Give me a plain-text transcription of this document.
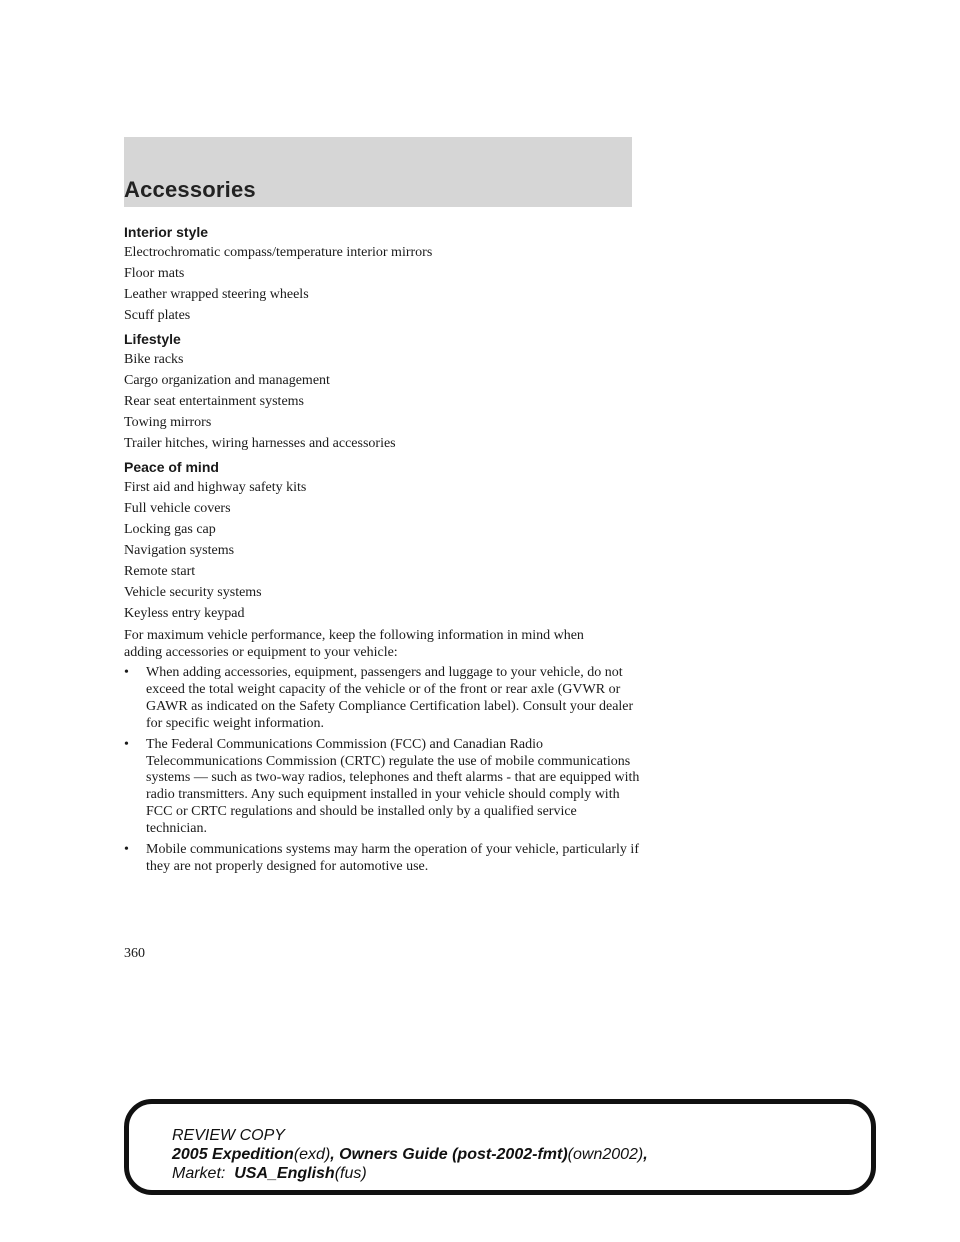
Accessories

Interior style

Electrochromatic compass/temperature interior mirrors

Floor mats

Leather wrapped steering wheels

Scuff plates

Lifestyle

Bike racks

Cargo organization and management

Rear seat entertainment systems

Towing mirrors

Trailer hitches, wiring harnesses and accessories

Peace of mind

First aid and highway safety kits

Full vehicle covers

Locking gas cap

Navigation systems

Remote start

Vehicle security systems

Keyless entry keypad

For maximum vehicle performance, keep the following information in mind when adding accessories or equipment to your vehicle:

•	When adding accessories, equipment, passengers and luggage to your vehicle, do not exceed the total weight capacity of the vehicle or of the front or rear axle (GVWR or GAWR as indicated on the Safety Compliance Certification label). Consult your dealer for specific weight information.
•	The Federal Communications Commission (FCC) and Canadian Radio Telecommunications Commission (CRTC) regulate the use of mobile communications systems — such as two-way radios, telephones and theft alarms - that are equipped with radio transmitters. Any such equipment installed in your vehicle should comply with FCC or CRTC regulations and should be installed only by a qualified service technician.
•	Mobile communications systems may harm the operation of your vehicle, particularly if they are not properly designed for automotive use.
360
REVIEW COPY
2005 Expedition(exd), Owners Guide (post-2002-fmt)(own2002),
Market:  USA_English(fus)
